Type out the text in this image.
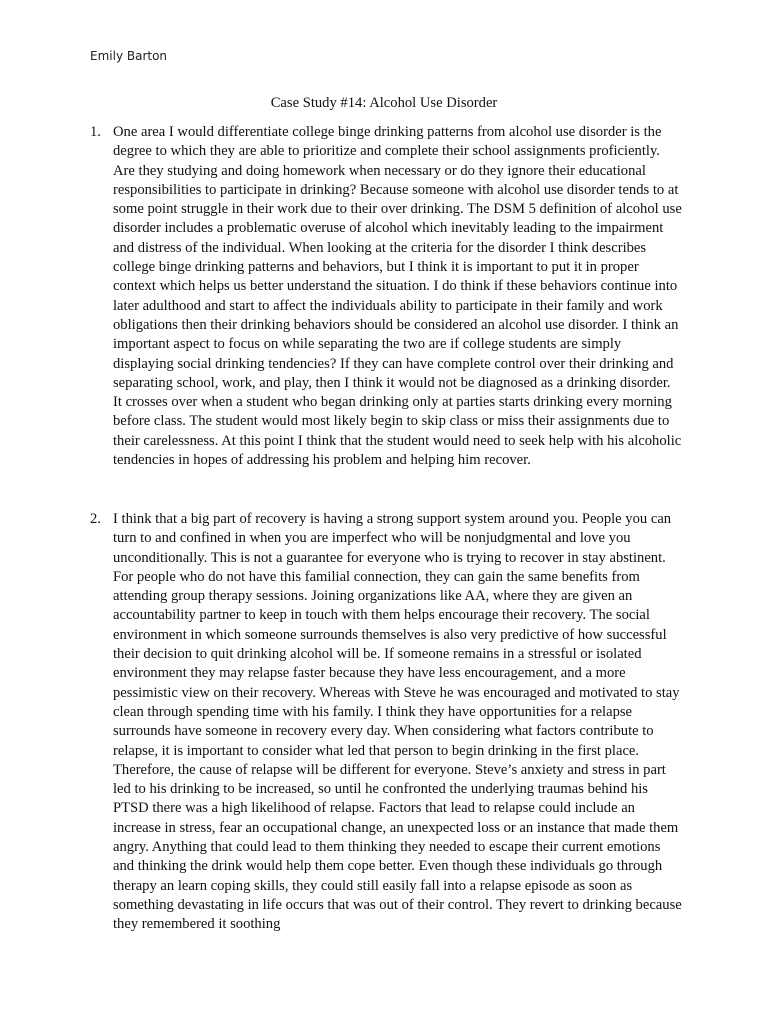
Emily Barton
Case Study #14: Alcohol Use Disorder
1. One area I would differentiate college binge drinking patterns from alcohol use disorder is the degree to which they are able to prioritize and complete their school assignments proficiently. Are they studying and doing homework when necessary or do they ignore their educational responsibilities to participate in drinking? Because someone with alcohol use disorder tends to at some point struggle in their work due to their over drinking. The DSM 5 definition of alcohol use disorder includes a problematic overuse of alcohol which inevitably leading to the impairment and distress of the individual. When looking at the criteria for the disorder I think describes college binge drinking patterns and behaviors, but I think it is important to put it in proper context which helps us better understand the situation. I do think if these behaviors continue into later adulthood and start to affect the individuals ability to participate in their family and work obligations then their drinking behaviors should be considered an alcohol use disorder. I think an important aspect to focus on while separating the two are if college students are simply displaying social drinking tendencies? If they can have complete control over their drinking and separating school, work, and play, then I think it would not be diagnosed as a drinking disorder. It crosses over when a student who began drinking only at parties starts drinking every morning before class. The student would most likely begin to skip class or miss their assignments due to their carelessness. At this point I think that the student would need to seek help with his alcoholic tendencies in hopes of addressing his problem and helping him recover.
2. I think that a big part of recovery is having a strong support system around you. People you can turn to and confined in when you are imperfect who will be nonjudgmental and love you unconditionally. This is not a guarantee for everyone who is trying to recover in stay abstinent. For people who do not have this familial connection, they can gain the same benefits from attending group therapy sessions. Joining organizations like AA, where they are given an accountability partner to keep in touch with them helps encourage their recovery. The social environment in which someone surrounds themselves is also very predictive of how successful their decision to quit drinking alcohol will be. If someone remains in a stressful or isolated environment they may relapse faster because they have less encouragement, and a more pessimistic view on their recovery. Whereas with Steve he was encouraged and motivated to stay clean through spending time with his family. I think they have opportunities for a relapse surrounds have someone in recovery every day. When considering what factors contribute to relapse, it is important to consider what led that person to begin drinking in the first place. Therefore, the cause of relapse will be different for everyone. Steve’s anxiety and stress in part led to his drinking to be increased, so until he confronted the underlying traumas behind his PTSD there was a high likelihood of relapse. Factors that lead to relapse could include an increase in stress, fear an occupational change, an unexpected loss or an instance that made them angry. Anything that could lead to them thinking they needed to escape their current emotions and thinking the drink would help them cope better. Even though these individuals go through therapy an learn coping skills, they could still easily fall into a relapse episode as soon as something devastating in life occurs that was out of their control. They revert to drinking because they remembered it soothing
